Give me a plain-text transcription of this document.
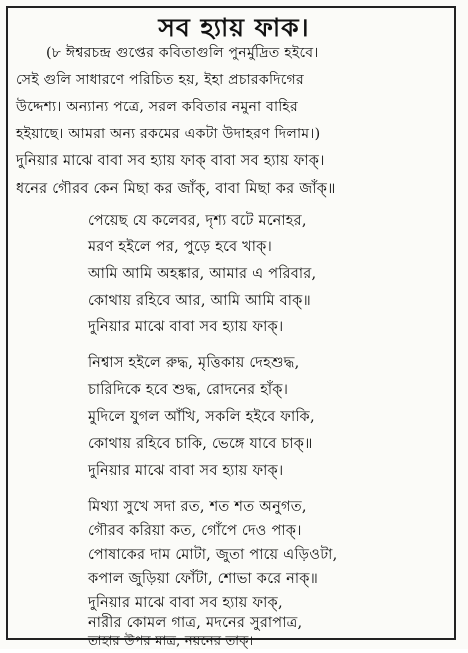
সব হ্যায় ফাক।
(৮ ঈশ্বরচন্দ্র গুপ্তের কবিতাগুলি পুনর্মুদ্রিত হইবে।
সেই গুলি সাধারণে পরিচিত হয়, ইহা প্রচারকদিগের
উদ্দেশ্য। অন্যান্য পত্রে, সরল কবিতার নমুনা বাহির
হইয়াছে। আমরা অন্য রকমের একটা উদাহরণ দিলাম।)
দুনিয়ার মাঝে বাবা সব হ্যায় ফাক্ বাবা সব হ্যায় ফাক্।
ধনের গৌরব কেন মিছা কর জাঁক্, বাবা মিছা কর জাঁক্॥
পেয়েছ যে কলেবর, দৃশ্য বটে মনোহর,
মরণ হইলে পর, পুড়ে হবে খাক্।
আমি আমি অহঙ্কার, আমার এ পরিবার,
কোথায় রহিবে আর, আমি আমি বাক্॥
দুনিয়ার মাঝে বাবা সব হ্যায় ফাক্।
নিশ্বাস হইলে রুদ্ধ, মৃত্তিকায় দেহশুদ্ধ,
চারিদিকে হবে শুদ্ধ, রোদনের হাঁক্।
মুদিলে যুগল আঁখি, সকলি হইবে ফাকি,
কোথায় রহিবে চাকি, ভেঙ্গে যাবে চাক্॥
দুনিয়ার মাঝে বাবা সব হ্যায় ফাক্।
মিথ্যা সুখে সদা রত, শত শত অনুগত,
গৌরব করিয়া কত, গোঁপে দেও পাক্।
পোষাকের দাম মোটা, জুতা পায়ে এড়িওটা,
কপাল জুড়িয়া ফোঁটা, শোভা করে নাক্॥
দুনিয়ার মাঝে বাবা সব হ্যায় ফাক্,
নারীর কোমল গাত্র, মদনের সুরাপাত্র,
তাহার উপর মাত্র, নয়নের তাক্।
